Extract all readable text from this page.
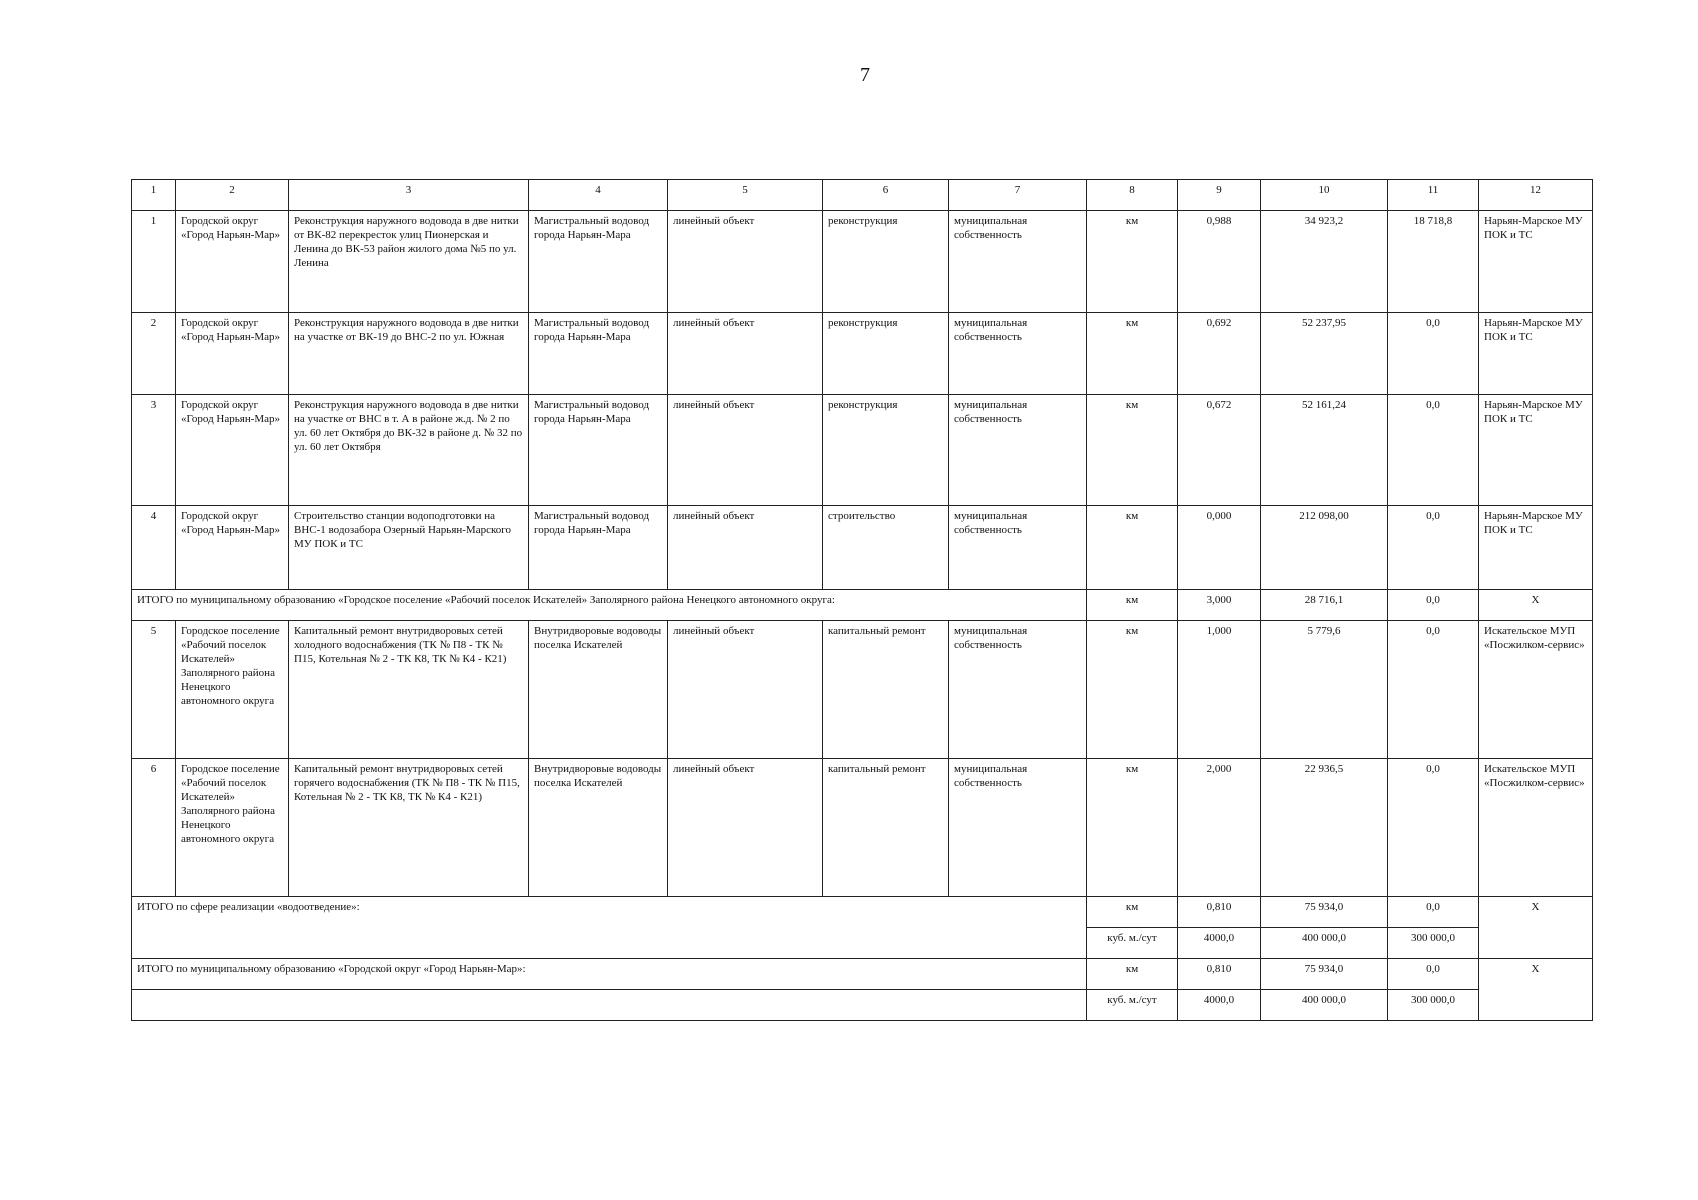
7
1	2	3	4	5	6	7	8	9	10	11	12
1	Городской округ «Город Нарьян-Мар»	Реконструкция наружного водовода в две нитки от ВК-82 перекресток улиц Пионерская и Ленина до ВК-53 район жилого дома №5 по ул. Ленина	Магистральный водовод города Нарьян-Мара	линейный объект	реконструкция	муниципальная собственность	км	0,988	34 923,2	18 718,8	Нарьян-Марское МУ ПОК и ТС
2	Городской округ «Город Нарьян-Мар»	Реконструкция наружного водовода в две нитки на участке от ВК-19 до ВНС-2 по ул. Южная	Магистральный водовод города Нарьян-Мара	линейный объект	реконструкция	муниципальная собственность	км	0,692	52 237,95	0,0	Нарьян-Марское МУ ПОК и ТС
3	Городской округ «Город Нарьян-Мар»	Реконструкция наружного водовода в две нитки на участке от ВНС в т. А в районе ж.д. № 2 по ул. 60 лет Октября до ВК-32 в районе д. № 32 по ул. 60 лет Октября	Магистральный водовод города Нарьян-Мара	линейный объект	реконструкция	муниципальная собственность	км	0,672	52 161,24	0,0	Нарьян-Марское МУ ПОК и ТС
4	Городской округ «Город Нарьян-Мар»	Строительство станции водоподготовки на ВНС-1 водозабора Озерный Нарьян-Марского МУ ПОК и ТС	Магистральный водовод города Нарьян-Мара	линейный объект	строительство	муниципальная собственность	км	0,000	212 098,00	0,0	Нарьян-Марское МУ ПОК и ТС
ИТОГО по муниципальному образованию «Городское поселение «Рабочий поселок Искателей» Заполярного района Ненецкого автономного округа:							км	3,000	28 716,1	0,0	Х
5	Городское поселение «Рабочий поселок Искателей» Заполярного района Ненецкого автономного округа	Капитальный ремонт внутридворовых сетей холодного водоснабжения (ТК № П8 - ТК № П15, Котельная № 2 - ТК К8, ТК № К4 - К21)	Внутридворовые водоводы поселка Искателей	линейный объект	капитальный ремонт	муниципальная собственность	км	1,000	5 779,6	0,0	Искательское МУП «Посжилком-сервис»
6	Городское поселение «Рабочий поселок Искателей» Заполярного района Ненецкого автономного округа	Капитальный ремонт внутридворовых сетей горячего водоснабжения (ТК № П8 - ТК № П15, Котельная № 2 - ТК К8, ТК № К4 - К21)	Внутридворовые водоводы поселка Искателей	линейный объект	капитальный ремонт	муниципальная собственность	км	2,000	22 936,5	0,0	Искательское МУП «Посжилком-сервис»
ИТОГО по сфере реализации «водоотведение»:							км	0,810	75 934,0	0,0	Х
							куб. м./сут	4000,0	400 000,0	300 000,0	
ИТОГО по муниципальному образованию «Городской округ «Город Нарьян-Мар»:							км	0,810	75 934,0	0,0	Х
							куб. м./сут	4000,0	400 000,0	300 000,0	
